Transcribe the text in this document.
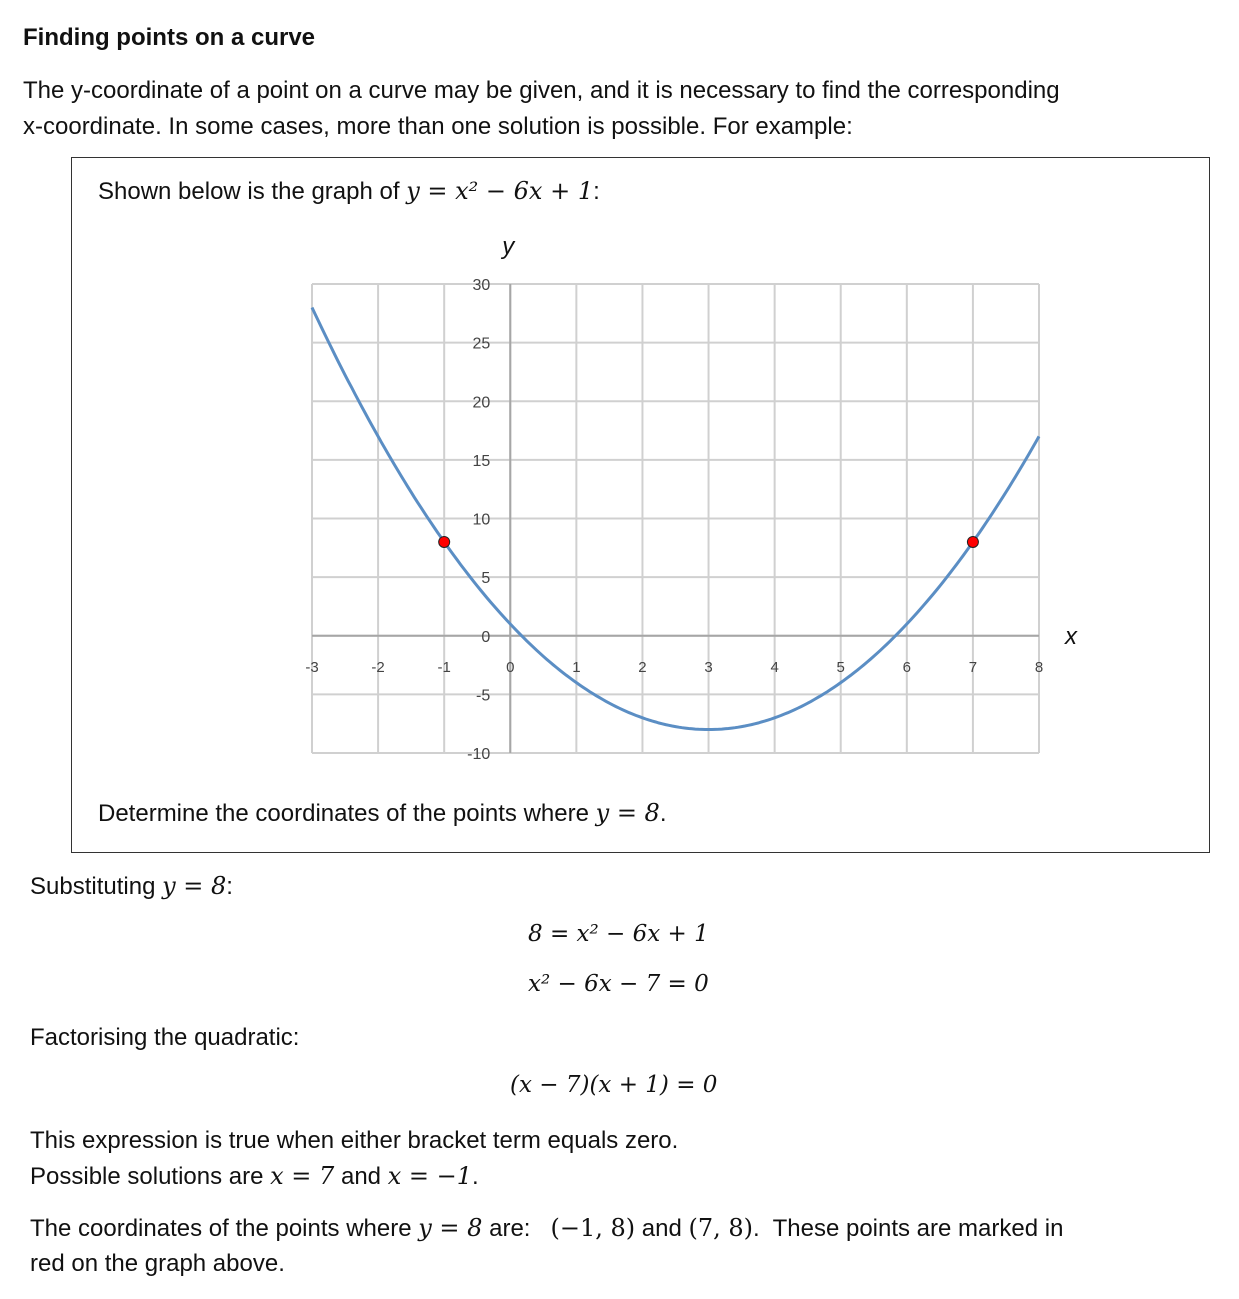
Finding points on a curve
The y-coordinate of a point on a curve may be given, and it is necessary to find the corresponding
x-coordinate. In some cases, more than one solution is possible. For example:
Shown below is the graph of y = x² − 6x + 1:
-3	-2	-1	0	1	2	3	4	5	6	7	8
-10
-5
0
5
10
15
20
25
30
x
y
Determine the coordinates of the points where y = 8.
Substituting y = 8:
8 = x² − 6x + 1
x² − 6x − 7 = 0
Factorising the quadratic:
(x − 7)(x + 1) = 0
This expression is true when either bracket term equals zero.
Possible solutions are x = 7 and x = −1.
The coordinates of the points where y = 8 are:   (−1, 8) and (7, 8).  These points are marked in
red on the graph above.
